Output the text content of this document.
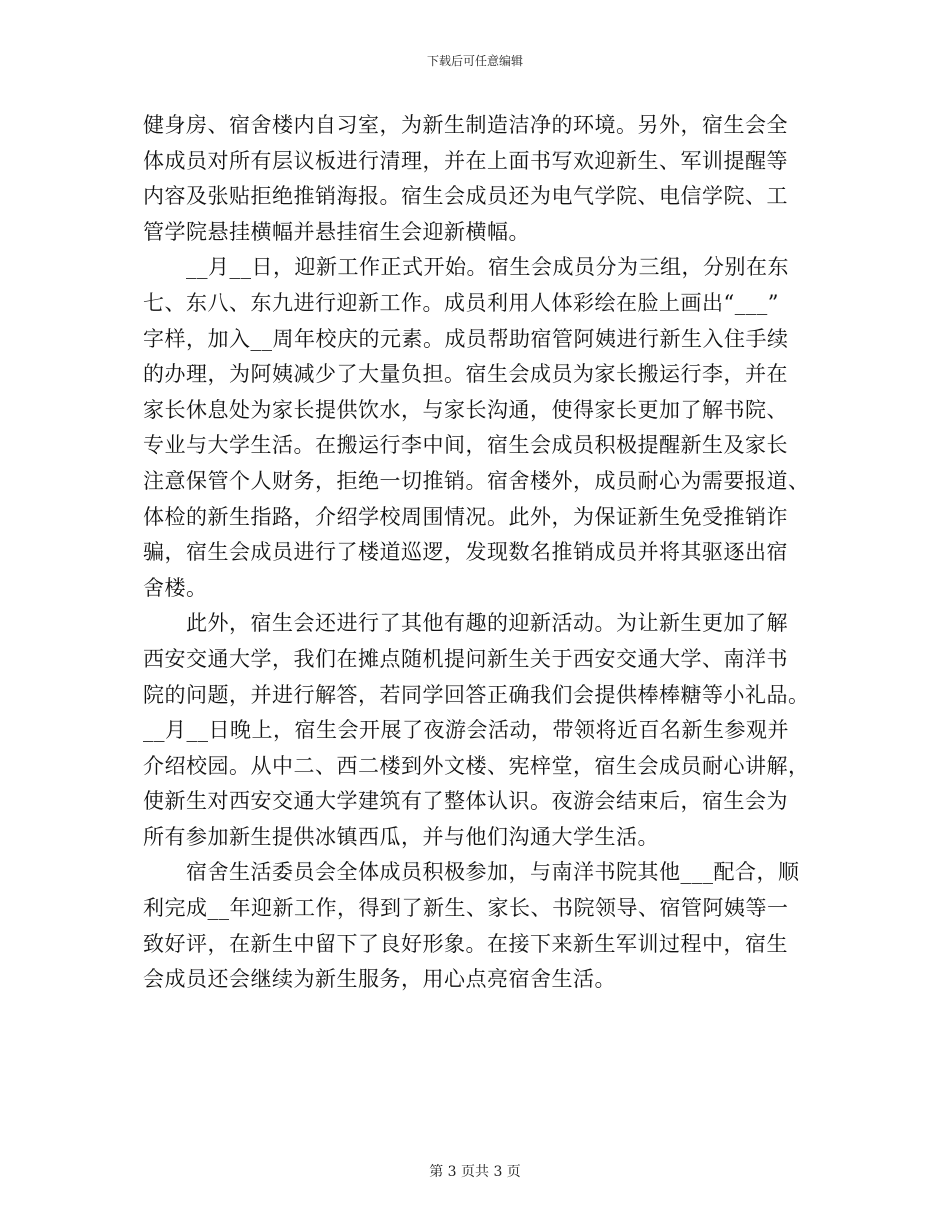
下载后可任意编辑
健身房、宿舍楼内自习室，为新生制造洁净的环境。另外，宿生会全
体成员对所有层议板进行清理，并在上面书写欢迎新生、军训提醒等
内容及张贴拒绝推销海报。宿生会成员还为电气学院、电信学院、工
管学院悬挂横幅并悬挂宿生会迎新横幅。
　　__月__日，迎新工作正式开始。宿生会成员分为三组，分别在东
七、东八、东九进行迎新工作。成员利用人体彩绘在脸上画出“___”
字样，加入__周年校庆的元素。成员帮助宿管阿姨进行新生入住手续
的办理，为阿姨减少了大量负担。宿生会成员为家长搬运行李，并在
家长休息处为家长提供饮水，与家长沟通，使得家长更加了解书院、
专业与大学生活。在搬运行李中间，宿生会成员积极提醒新生及家长
注意保管个人财务，拒绝一切推销。宿舍楼外，成员耐心为需要报道、
体检的新生指路，介绍学校周围情况。此外，为保证新生免受推销诈
骗，宿生会成员进行了楼道巡逻，发现数名推销成员并将其驱逐出宿
舍楼。
　　此外，宿生会还进行了其他有趣的迎新活动。为让新生更加了解
西安交通大学，我们在摊点随机提问新生关于西安交通大学、南洋书
院的问题，并进行解答，若同学回答正确我们会提供棒棒糖等小礼品。
__月__日晚上，宿生会开展了夜游会活动，带领将近百名新生参观并
介绍校园。从中二、西二楼到外文楼、宪梓堂，宿生会成员耐心讲解，
使新生对西安交通大学建筑有了整体认识。夜游会结束后，宿生会为
所有参加新生提供冰镇西瓜，并与他们沟通大学生活。
　　宿舍生活委员会全体成员积极参加，与南洋书院其他___配合，顺
利完成__年迎新工作，得到了新生、家长、书院领导、宿管阿姨等一
致好评，在新生中留下了良好形象。在接下来新生军训过程中，宿生
会成员还会继续为新生服务，用心点亮宿舍生活。
第 3 页共 3 页
